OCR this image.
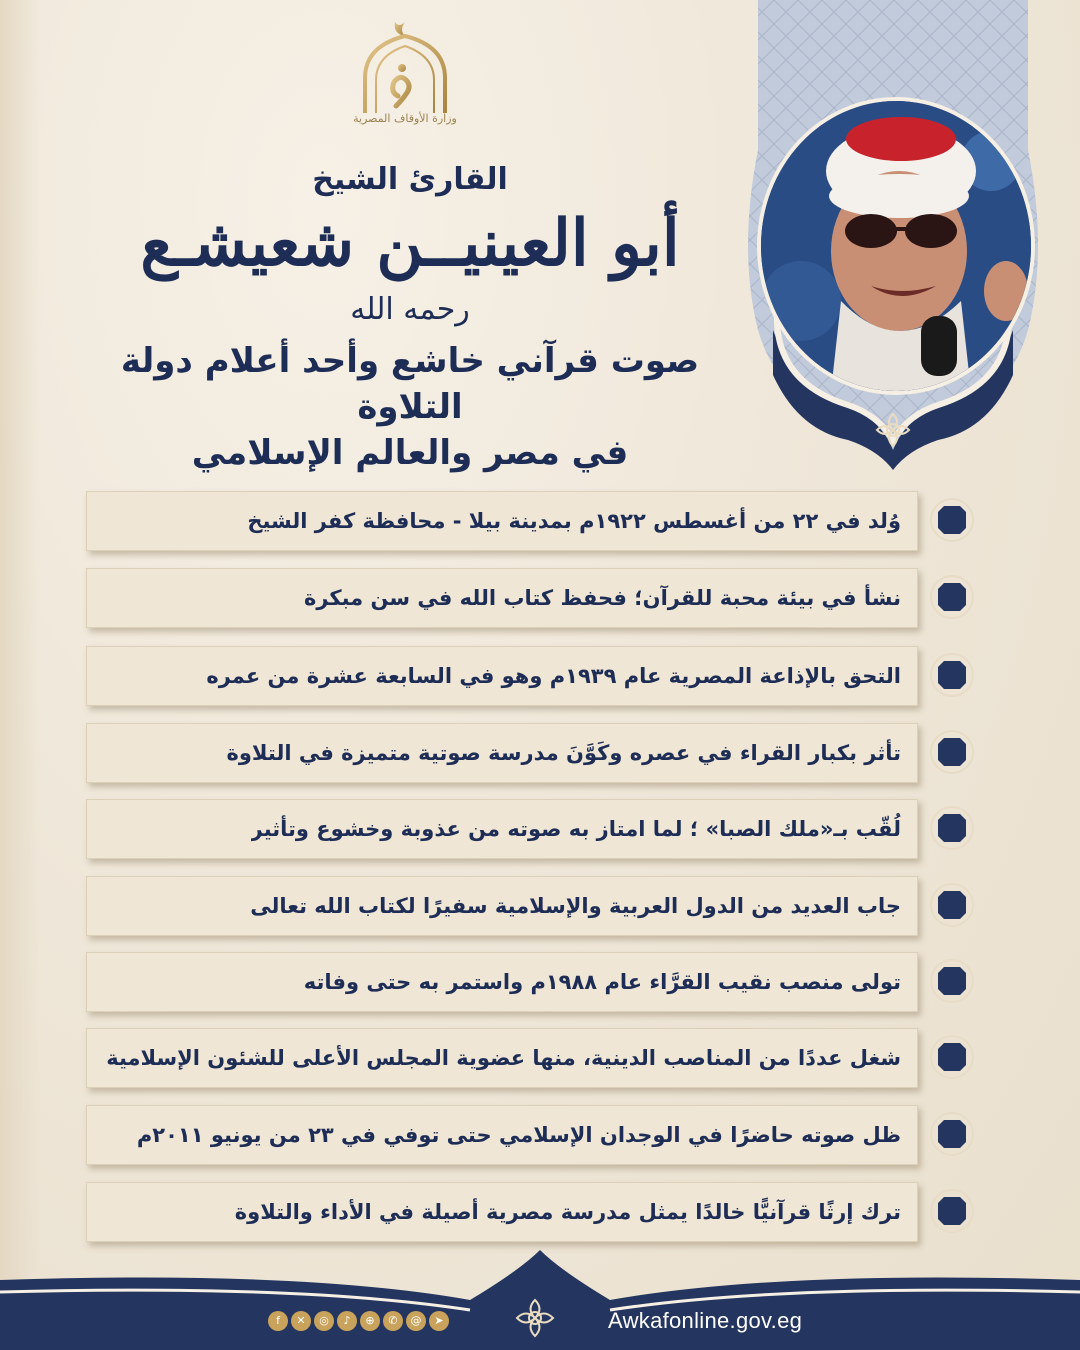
وزارة الأوقاف المصرية

القارئ الشيخ

أبو العينيــن شعيشـع

رحمه الله

صوت قرآني خاشع وأحد أعلام دولة التلاوة

في مصر والعالم الإسلامي

وُلد في ٢٢ من أغسطس ١٩٢٢م بمدينة بيلا - محافظة كفر الشيخ
نشأ في بيئة محبة للقرآن؛ فحفظ كتاب الله في سن مبكرة
التحق بالإذاعة المصرية عام ١٩٣٩م وهو في السابعة عشرة من عمره
تأثر بكبار القراء في عصره وكَوَّنَ مدرسة صوتية متميزة في التلاوة
لُقّب بـ«ملك الصبا» ؛ لما امتاز به صوته من عذوبة وخشوع وتأثير
جاب العديد من الدول العربية والإسلامية سفيرًا لكتاب الله تعالى
تولى منصب نقيب القرَّاء عام ١٩٨٨م واستمر به حتى وفاته
شغل عددًا من المناصب الدينية، منها عضوية المجلس الأعلى للشئون الإسلامية
ظل صوته حاضرًا في الوجدان الإسلامي حتى توفي في ٢٣ من يونيو ٢٠١١م
ترك إرثًا قرآنيًّا خالدًا يمثل مدرسة مصرية أصيلة في الأداء والتلاوة
Awkafonline.gov.eg
f	✕	◎	♪	⊕	✆	@	➤
